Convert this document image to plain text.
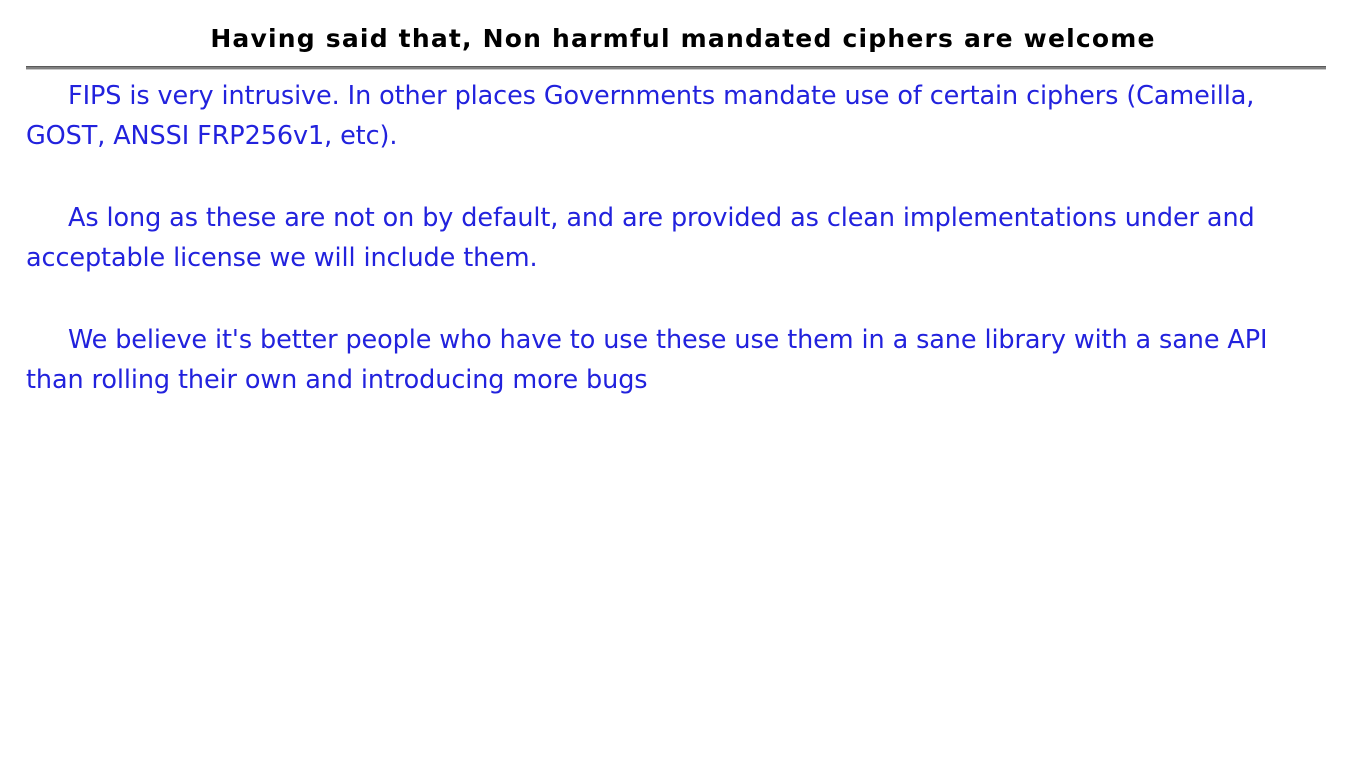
Having said that, Non harmful mandated ciphers are welcome

FIPS is very intrusive. In other places Governments mandate use of certain ciphers (Cameilla, GOST, ANSSI FRP256v1, etc).

As long as these are not on by default, and are provided as clean implementations under and acceptable license we will include them.

We believe it's better people who have to use these use them in a sane library with a sane API than rolling their own and introducing more bugs
